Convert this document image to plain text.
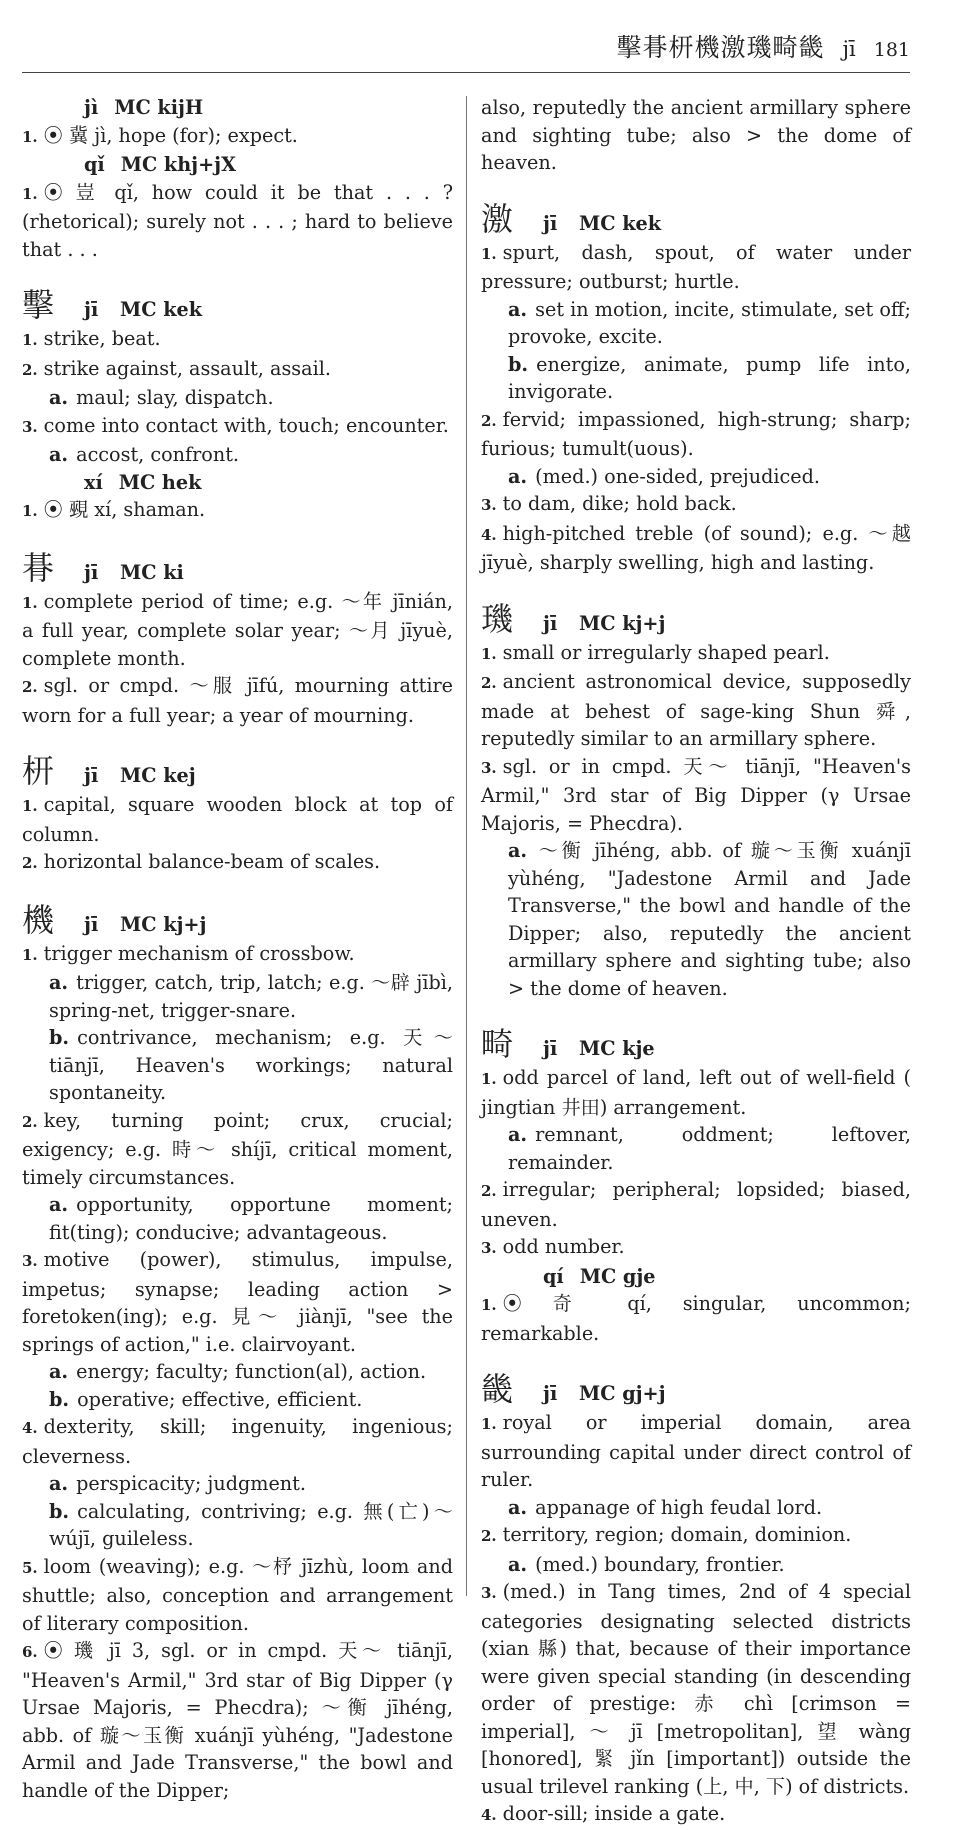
擊朞枅機激璣畸畿 jī 181
jì MC kijH

1. ⦿ 冀 jì, hope (for); expect.

qǐ MC khj+jX

1. ⦿ 豈 qǐ, how could it be that . . . ? (rhetorical); surely not . . . ; hard to believe that . . .

擊	jī	MC kek

1. strike, beat.

2. strike against, assault, assail.

a. maul; slay, dispatch.

3. come into contact with, touch; encounter.

a. accost, confront.

xí MC hek

1. ⦿ 覡 xí, shaman.

朞	jī	MC ki

1. complete period of time; e.g. ～年 jīnián, a full year, complete solar year; ～月 jīyuè, complete month.

2. sgl. or cmpd. ～服 jīfú, mourning attire worn for a full year; a year of mourning.

枅	jī	MC kej

1. capital, square wooden block at top of column.

2. horizontal balance-beam of scales.

機	jī	MC kj+j

1. trigger mechanism of crossbow.

a. trigger, catch, trip, latch; e.g. ～辟 jībì, spring-net, trigger-snare.

b. contrivance, mechanism; e.g. 天～ tiānjī, Heaven's workings; natural spontaneity.

2. key, turning point; crux, crucial; exigency; e.g. 時～ shíjī, critical moment, timely circumstances.

a. opportunity, opportune moment; fit(ting); conducive; advantageous.

3. motive (power), stimulus, impulse, impetus; synapse; leading action > foretoken(ing); e.g. 見～ jiànjī, "see the springs of action," i.e. clairvoyant.

a. energy; faculty; function(al), action.

b. operative; effective, efficient.

4. dexterity, skill; ingenuity, ingenious; cleverness.

a. perspicacity; judgment.

b. calculating, contriving; e.g. 無(亡)～ wújī, guileless.

5. loom (weaving); e.g. ～杼 jīzhù, loom and shuttle; also, conception and arrangement of literary composition.

6. ⦿ 璣 jī 3, sgl. or in cmpd. 天～ tiānjī, "Heaven's Armil," 3rd star of Big Dipper (γ Ursae Majoris, = Phecdra); ～衡 jīhéng, abb. of 璇～玉衡 xuánjī yùhéng, "Jadestone Armil and Jade Transverse," the bowl and handle of the Dipper;

also, reputedly the ancient armillary sphere and sighting tube; also > the dome of heaven.

激	jī	MC kek

1. spurt, dash, spout, of water under pressure; outburst; hurtle.

a. set in motion, incite, stimulate, set off; provoke, excite.

b. energize, animate, pump life into, invigorate.

2. fervid; impassioned, high-strung; sharp; furious; tumult(uous).

a. (med.) one-sided, prejudiced.

3. to dam, dike; hold back.

4. high-pitched treble (of sound); e.g. ～越 jīyuè, sharply swelling, high and lasting.

璣	jī	MC kj+j

1. small or irregularly shaped pearl.

2. ancient astronomical device, supposedly made at behest of sage-king Shun 舜, reputedly similar to an armillary sphere.

3. sgl. or in cmpd. 天～ tiānjī, "Heaven's Armil," 3rd star of Big Dipper (γ Ursae Majoris, = Phecdra).

a. ～衡 jīhéng, abb. of 璇～玉衡 xuánjī yùhéng, "Jadestone Armil and Jade Transverse," the bowl and handle of the Dipper; also, reputedly the ancient armillary sphere and sighting tube; also > the dome of heaven.

畸	jī	MC kje

1. odd parcel of land, left out of well-field ( jingtian 井田) arrangement.

a. remnant, oddment; leftover, remainder.

2. irregular; peripheral; lopsided; biased, uneven.

3. odd number.

qí MC gje

1. ⦿ 奇 qí, singular, uncommon; remarkable.

畿	jī	MC gj+j

1. royal or imperial domain, area surrounding capital under direct control of ruler.

a. appanage of high feudal lord.

2. territory, region; domain, dominion.

a. (med.) boundary, frontier.

3. (med.) in Tang times, 2nd of 4 special categories designating selected districts (xian 縣) that, because of their importance were given special standing (in descending order of prestige: 赤 chì [crimson = imperial], ～ jī [metropolitan], 望 wàng [honored], 緊 jǐn [important]) outside the usual trilevel ranking (上, 中, 下) of districts.

4. door-sill; inside a gate.
